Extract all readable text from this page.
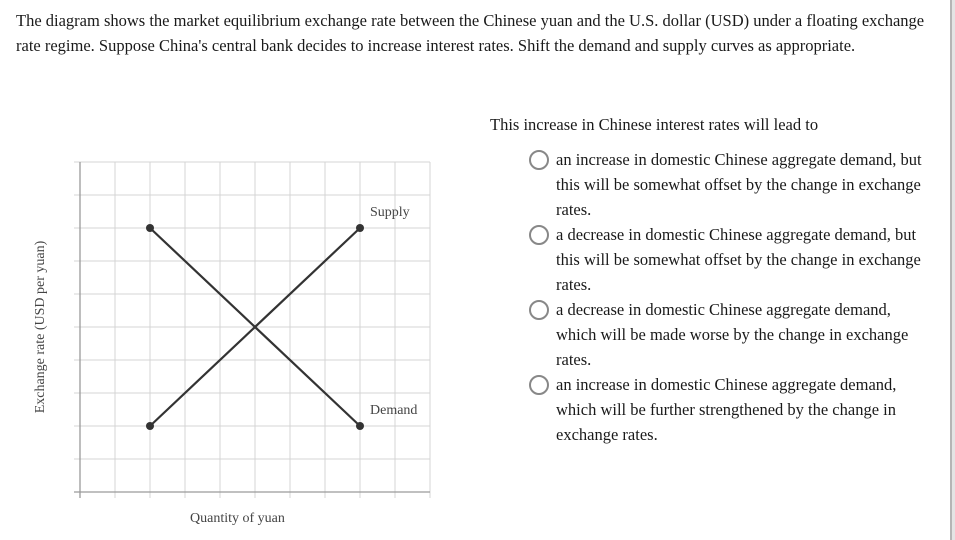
The diagram shows the market equilibrium exchange rate between the Chinese yuan and the U.S. dollar (USD) under a floating exchange rate regime. Suppose China's central bank decides to increase interest rates. Shift the demand and supply curves as appropriate.
Exchange rate (USD per yuan)
Quantity of yuan
Supply
Demand
This increase in Chinese interest rates will lead to
an increase in domestic Chinese aggregate demand, but this will be somewhat offset by the change in exchange rates.
a decrease in domestic Chinese aggregate demand, but this will be somewhat offset by the change in exchange rates.
a decrease in domestic Chinese aggregate demand, which will be made worse by the change in exchange rates.
an increase in domestic Chinese aggregate demand, which will be further strengthened by the change in exchange rates.
